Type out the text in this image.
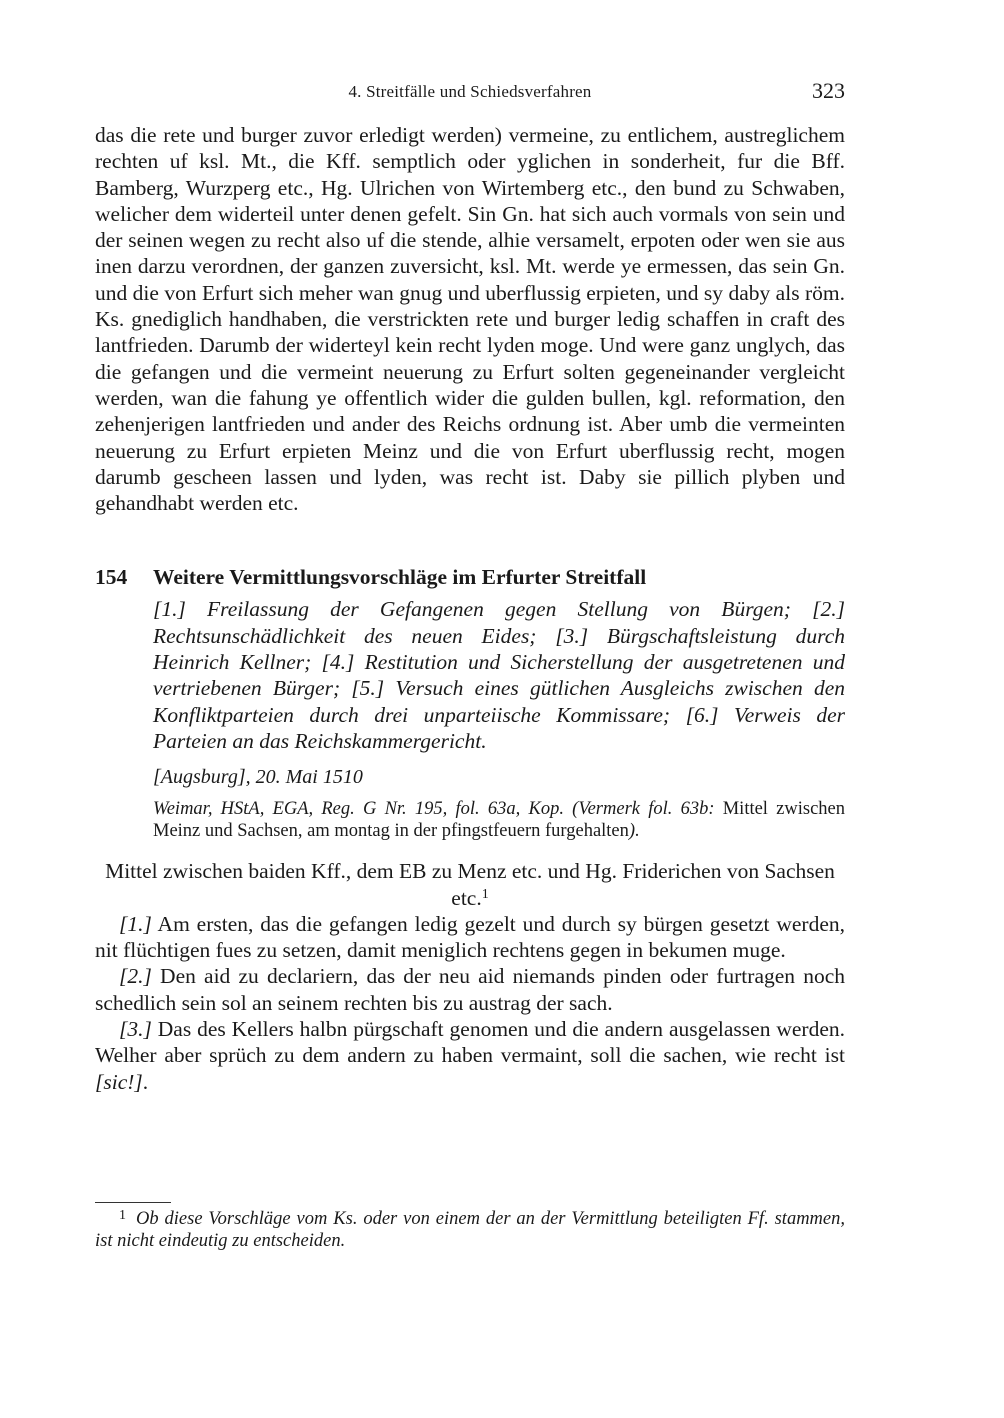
4. Streitfälle und Schiedsverfahren	323

das die rete und burger zuvor erledigt werden) vermeine, zu entlichem, austreglichem rechten uf ksl. Mt., die Kff. semptlich oder yglichen in sonderheit, fur die Bff. Bamberg, Wurzperg etc., Hg. Ulrichen von Wirtemberg etc., den bund zu Schwaben, welicher dem widerteil unter denen gefelt. Sin Gn. hat sich auch vormals von sein und der seinen wegen zu recht also uf die stende, alhie versamelt, erpoten oder wen sie aus inen darzu verordnen, der ganzen zuversicht, ksl. Mt. werde ye ermessen, das sein Gn. und die von Erfurt sich meher wan gnug und uberflussig erpieten, und sy daby als röm. Ks. gnediglich handhaben, die verstrickten rete und burger ledig schaffen in craft des lantfrieden. Darumb der widerteyl kein recht lyden moge. Und were ganz unglych, das die gefangen und die vermeint neuerung zu Erfurt solten gegeneinander vergleicht werden, wan die fahung ye offentlich wider die gulden bullen, kgl. reformation, den zehenjerigen lantfrieden und ander des Reichs ordnung ist. Aber umb die vermeinten neuerung zu Erfurt erpieten Meinz und die von Erfurt uberflussig recht, mogen darumb gescheen lassen und lyden, was recht ist. Daby sie pillich plyben und gehandhabt werden etc.

154	Weitere Vermittlungsvorschläge im Erfurter Streitfall

[1.] Freilassung der Gefangenen gegen Stellung von Bürgen; [2.] Rechtsunschädlichkeit des neuen Eides; [3.] Bürgschaftsleistung durch Heinrich Kellner; [4.] Restitution und Sicherstellung der ausgetretenen und vertriebenen Bürger; [5.] Versuch eines gütlichen Ausgleichs zwischen den Konfliktparteien durch drei unparteiische Kommissare; [6.] Verweis der Parteien an das Reichskammergericht.

[Augsburg], 20. Mai 1510

Weimar, HStA, EGA, Reg. G Nr. 195, fol. 63a, Kop. (Vermerk fol. 63b: Mittel zwischen Meinz und Sachsen, am montag in der pfingstfeuern furgehalten).

Mittel zwischen baiden Kff., dem EB zu Menz etc. und Hg. Friderichen von Sachsen etc.$^1$

[1.] Am ersten, das die gefangen ledig gezelt und durch sy bürgen gesetzt werden, nit flüchtigen fues zu setzen, damit meniglich rechtens gegen in bekumen muge.

[2.] Den aid zu declariern, das der neu aid niemands pinden oder furtragen noch schedlich sein sol an seinem rechten bis zu austrag der sach.

[3.] Das des Kellers halbn pürgschaft genomen und die andern ausgelassen werden. Welher aber sprüch zu dem andern zu haben vermaint, soll die sachen, wie recht ist [sic!].

$^1$ Ob diese Vorschläge vom Ks. oder von einem der an der Vermittlung beteiligten Ff. stammen, ist nicht eindeutig zu entscheiden.
